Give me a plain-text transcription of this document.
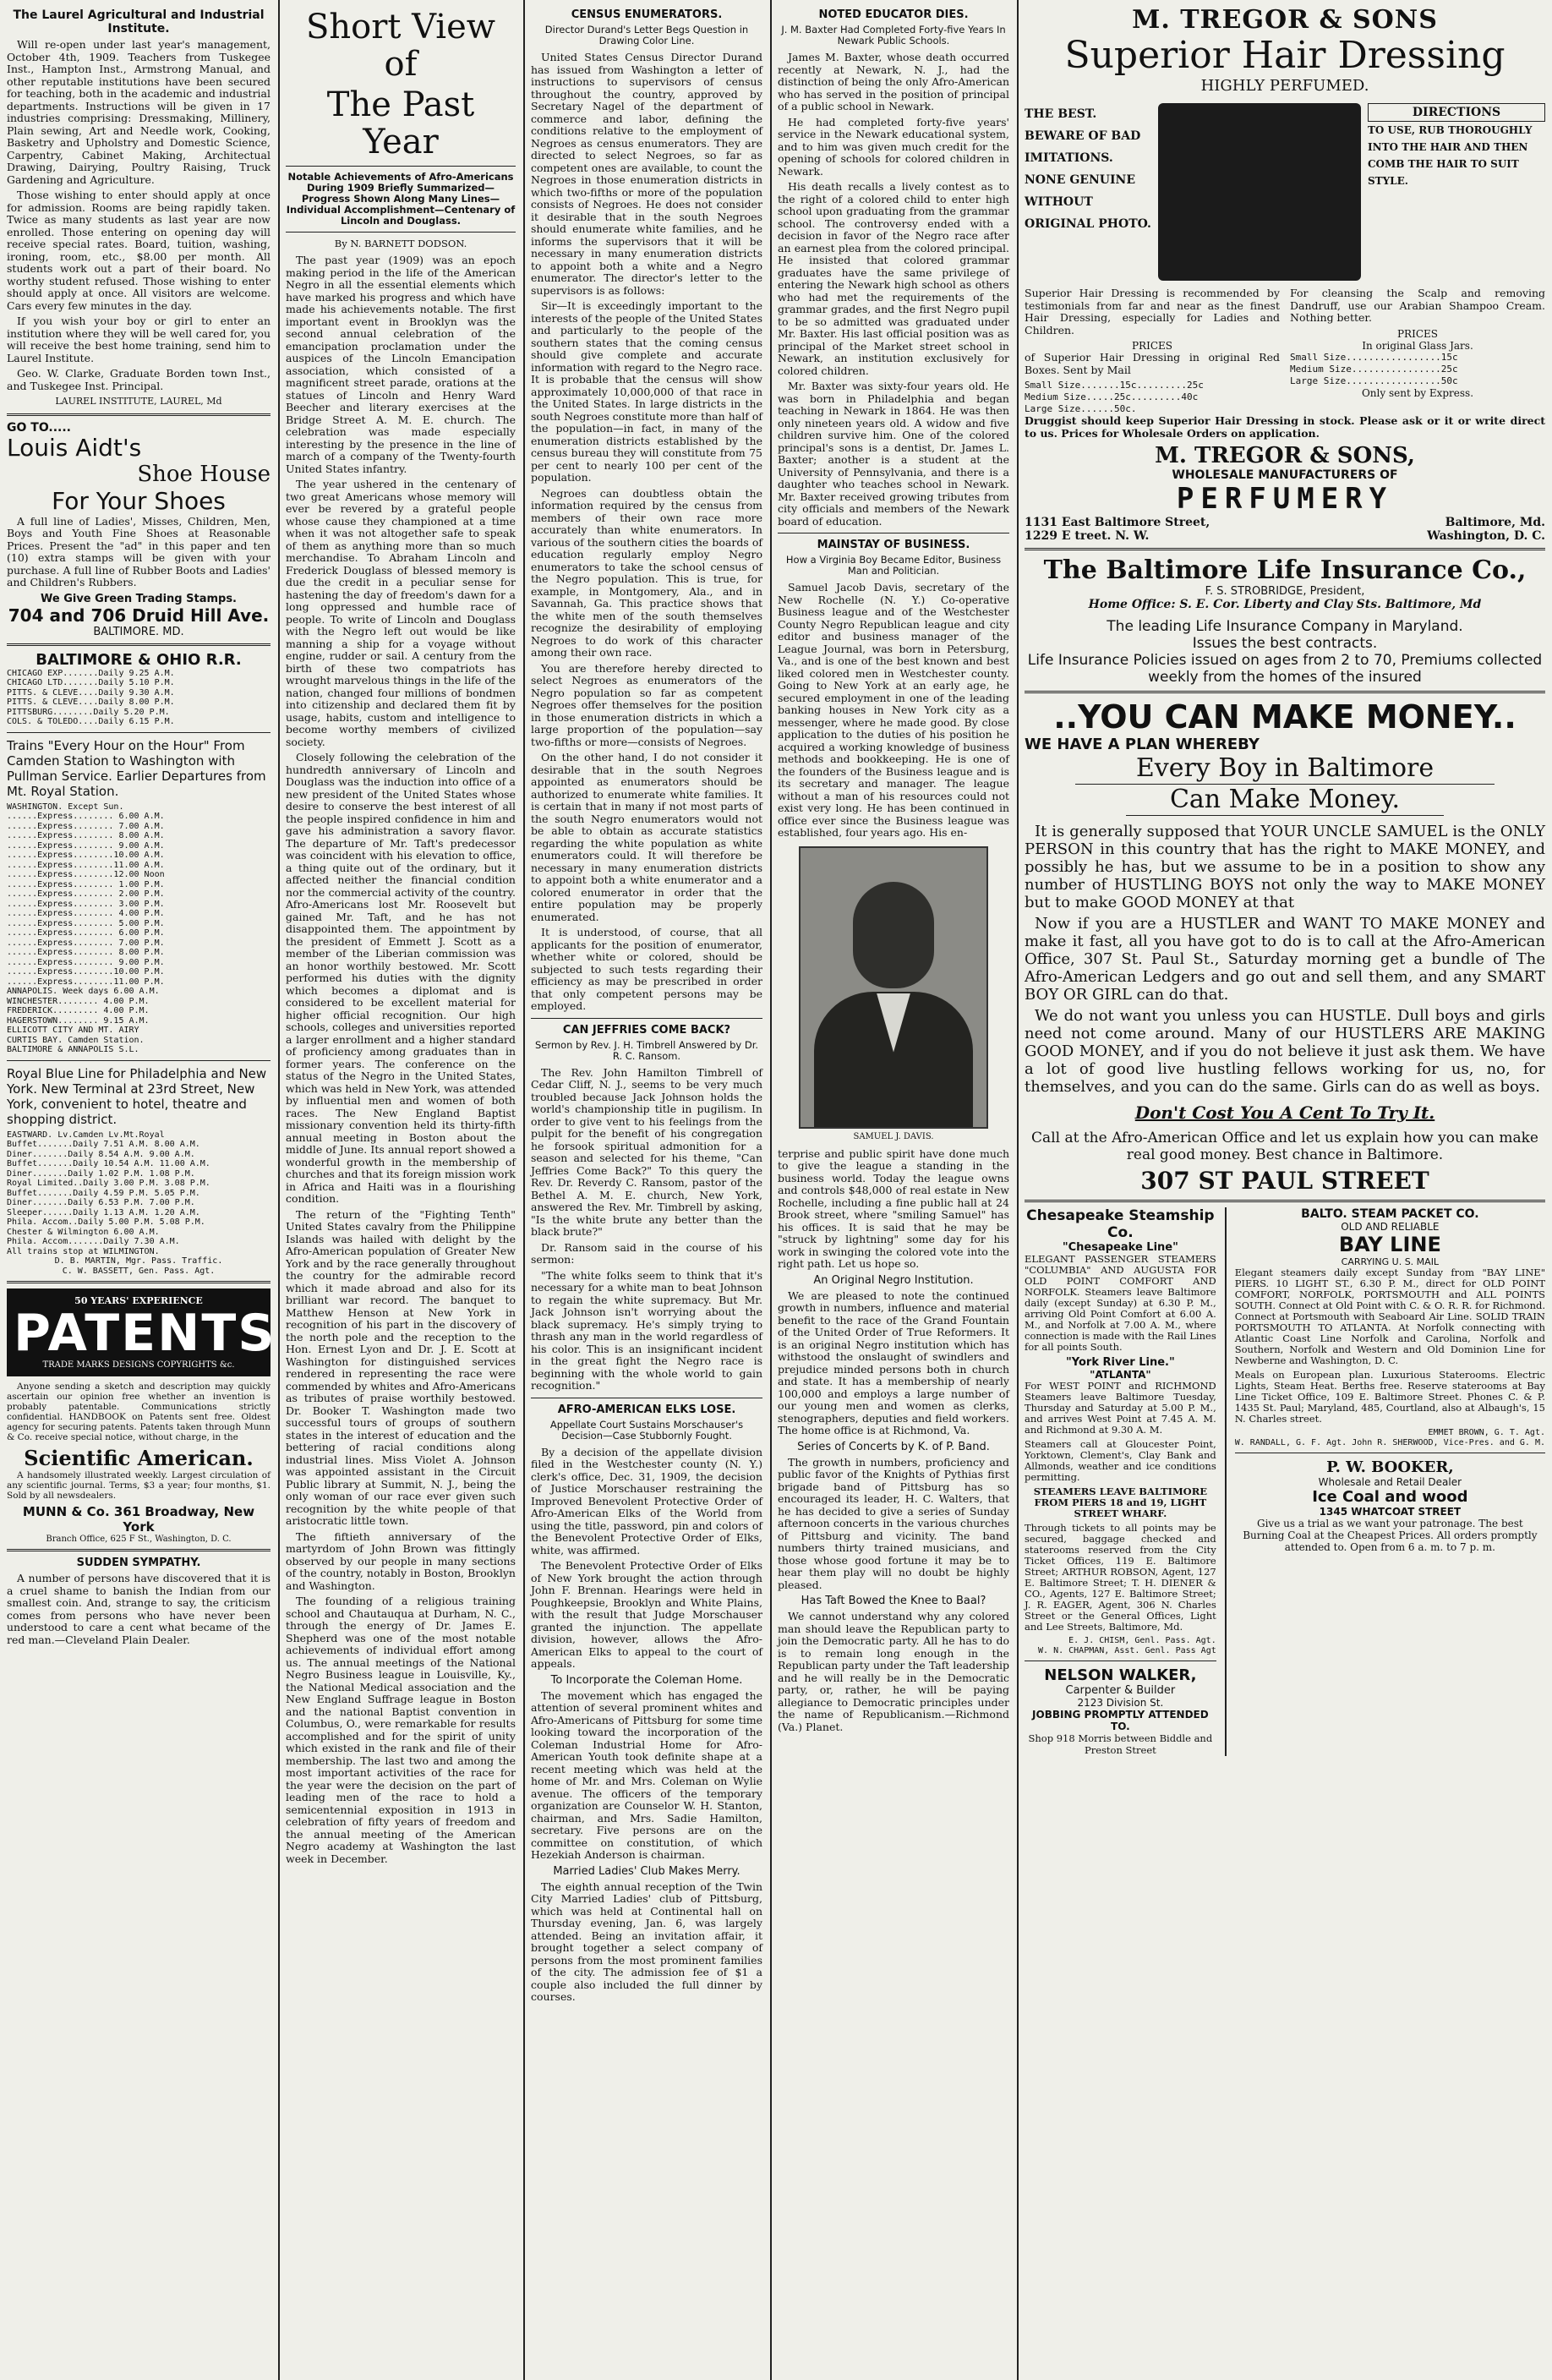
The Laurel Agricultural and Industrial Institute.

Will re-open under last year's management, October 4th, 1909. Teachers from Tuskegee Inst., Hampton Inst., Armstrong Manual, and other reputable institutions have been secured for teaching, both in the academic and industrial departments. Instructions will be given in 17 industries comprising: Dressmaking, Millinery, Plain sewing, Art and Needle work, Cooking, Basketry and Upholstry and Domestic Science, Carpentry, Cabinet Making, Architectual Drawing, Dairying, Poultry Raising, Truck Gardening and Agriculture.

Those wishing to enter should apply at once for admission. Rooms are being rapidly taken. Twice as many students as last year are now enrolled. Those entering on opening day will receive special rates. Board, tuition, washing, ironing, room, etc., $8.00 per month. All students work out a part of their board. No worthy student refused. Those wishing to enter should apply at once. All visitors are welcome. Cars every few minutes in the day.

If you wish your boy or girl to enter an institution where they will be well cared for, you will receive the best home training, send him to Laurel Institute.

Geo. W. Clarke, Graduate Borden town Inst., and Tuskegee Inst. Principal.

LAUREL INSTITUTE, LAUREL, Md

GO TO.....
Louis Aidt's
Shoe House
For Your Shoes

A full line of Ladies', Misses, Children, Men, Boys and Youth Fine Shoes at Reasonable Prices. Present the "ad" in this paper and ten (10) extra stamps will be given with your purchase. A full line of Rubber Boots and Ladies' and Children's Rubbers.

We Give Green Trading Stamps.
704 and 706 Druid Hill Ave.
BALTIMORE. MD.
BALTIMORE & OHIO R.R.
CHICAGO EXP.......Daily 9.25 A.M.
CHICAGO LTD.......Daily 5.10 P.M.
PITTS. & CLEVE....Daily 9.30 A.M.
PITTS. & CLEVE....Daily 8.00 P.M.
PITTSBURG........Daily 5.20 P.M.
COLS. & TOLEDO....Daily 6.15 P.M.

Trains "Every Hour on the Hour" From Camden Station to Washington with Pullman Service. Earlier Departures from Mt. Royal Station.

WASHINGTON. Except Sun.
......Express........ 6.00 A.M.
......Express........ 7.00 A.M.
......Express........ 8.00 A.M.
......Express........ 9.00 A.M.
......Express........10.00 A.M.
......Express........11.00 A.M.
......Express........12.00 Noon
......Express........ 1.00 P.M.
......Express........ 2.00 P.M.
......Express........ 3.00 P.M.
......Express........ 4.00 P.M.
......Express........ 5.00 P.M.
......Express........ 6.00 P.M.
......Express........ 7.00 P.M.
......Express........ 8.00 P.M.
......Express........ 9.00 P.M.
......Express........10.00 P.M.
......Express........11.00 P.M.
ANNAPOLIS. Week days 6.00 A.M.
WINCHESTER........ 4.00 P.M.
FREDERICK......... 4.00 P.M.
HAGERSTOWN........ 9.15 A.M.
ELLICOTT CITY AND MT. AIRY
CURTIS BAY. Camden Station.
BALTIMORE & ANNAPOLIS S.L.

Royal Blue Line for Philadelphia and New York. New Terminal at 23rd Street, New York, convenient to hotel, theatre and shopping district.

EASTWARD. Lv.Camden Lv.Mt.Royal
Buffet.......Daily 7.51 A.M. 8.00 A.M.
Diner.......Daily 8.54 A.M. 9.00 A.M.
Buffet.......Daily 10.54 A.M. 11.00 A.M.
Diner.......Daily 1.02 P.M. 1.08 P.M.
Royal Limited..Daily 3.00 P.M. 3.08 P.M.
Buffet.......Daily 4.59 P.M. 5.05 P.M.
Diner.......Daily 6.53 P.M. 7.00 P.M.
Sleeper......Daily 1.13 A.M. 1.20 A.M.
Phila. Accom..Daily 5.00 P.M. 5.08 P.M.
Chester & Wilmington 6.00 A.M.
Phila. Accom.......Daily 7.30 A.M.
All trains stop at WILMINGTON.
D. B. MARTIN, Mgr. Pass. Traffic.
C. W. BASSETT, Gen. Pass. Agt.
50 YEARS' EXPERIENCE
PATENTS
TRADE MARKS DESIGNS COPYRIGHTS &c.

Anyone sending a sketch and description may quickly ascertain our opinion free whether an invention is probably patentable. Communications strictly confidential. HANDBOOK on Patents sent free. Oldest agency for securing patents. Patents taken through Munn & Co. receive special notice, without charge, in the

Scientific American.

A handsomely illustrated weekly. Largest circulation of any scientific journal. Terms, $3 a year; four months, $1. Sold by all newsdealers.

MUNN & Co. 361 Broadway, New York
Branch Office, 625 F St., Washington, D. C.
SUDDEN SYMPATHY.

A number of persons have discovered that it is a cruel shame to banish the Indian from our smallest coin. And, strange to say, the criticism comes from persons who have never been understood to care a cent what became of the red man.—Cleveland Plain Dealer.

Short View of
The Past Year
Notable Achievements of Afro-Americans During 1909 Briefly Summarized—Progress Shown Along Many Lines—Individual Accomplishment—Centenary of Lincoln and Douglass.
By N. BARNETT DODSON.

The past year (1909) was an epoch making period in the life of the American Negro in all the essential elements which have marked his progress and which have made his achievements notable. The first important event in Brooklyn was the second annual celebration of the emancipation proclamation under the auspices of the Lincoln Emancipation association, which consisted of a magnificent street parade, orations at the statues of Lincoln and Henry Ward Beecher and literary exercises at the Bridge Street A. M. E. church. The celebration was made especially interesting by the presence in the line of march of a company of the Twenty-fourth United States infantry.

The year ushered in the centenary of two great Americans whose memory will ever be revered by a grateful people whose cause they championed at a time when it was not altogether safe to speak of them as anything more than so much merchandise. To Abraham Lincoln and Frederick Douglass of blessed memory is due the credit in a peculiar sense for hastening the day of freedom's dawn for a long oppressed and humble race of people. To write of Lincoln and Douglass with the Negro left out would be like manning a ship for a voyage without engine, rudder or sail. A century from the birth of these two compatriots has wrought marvelous things in the life of the nation, changed four millions of bondmen into citizenship and declared them fit by usage, habits, custom and intelligence to become worthy members of civilized society.

Closely following the celebration of the hundredth anniversary of Lincoln and Douglass was the induction into office of a new president of the United States whose desire to conserve the best interest of all the people inspired confidence in him and gave his administration a savory flavor. The departure of Mr. Taft's predecessor was coincident with his elevation to office, a thing quite out of the ordinary, but it affected neither the financial condition nor the commercial activity of the country. Afro-Americans lost Mr. Roosevelt but gained Mr. Taft, and he has not disappointed them. The appointment by the president of Emmett J. Scott as a member of the Liberian commission was an honor worthily bestowed. Mr. Scott performed his duties with the dignity which becomes a diplomat and is considered to be excellent material for higher official recognition. Our high schools, colleges and universities reported a larger enrollment and a higher standard of proficiency among graduates than in former years. The conference on the status of the Negro in the United States, which was held in New York, was attended by influential men and women of both races. The New England Baptist missionary convention held its thirty-fifth annual meeting in Boston about the middle of June. Its annual report showed a wonderful growth in the membership of churches and that its foreign mission work in Africa and Haiti was in a flourishing condition.

The return of the "Fighting Tenth" United States cavalry from the Philippine Islands was hailed with delight by the Afro-American population of Greater New York and by the race generally throughout the country for the admirable record which it made abroad and also for its brilliant war record. The banquet to Matthew Henson at New York in recognition of his part in the discovery of the north pole and the reception to the Hon. Ernest Lyon and Dr. J. E. Scott at Washington for distinguished services rendered in representing the race were commended by whites and Afro-Americans as tributes of praise worthily bestowed. Dr. Booker T. Washington made two successful tours of groups of southern states in the interest of education and the bettering of racial conditions along industrial lines. Miss Violet A. Johnson was appointed assistant in the Circuit Public library at Summit, N. J., being the only woman of our race ever given such recognition by the white people of that aristocratic little town.

The fiftieth anniversary of the martyrdom of John Brown was fittingly observed by our people in many sections of the country, notably in Boston, Brooklyn and Washington.

The founding of a religious training school and Chautauqua at Durham, N. C., through the energy of Dr. James E. Shepherd was one of the most notable achievements of individual effort among us. The annual meetings of the National Negro Business league in Louisville, Ky., the National Medical association and the New England Suffrage league in Boston and the national Baptist convention in Columbus, O., were remarkable for results accomplished and for the spirit of unity which existed in the rank and file of their membership. The last two and among the most important activities of the race for the year were the decision on the part of leading men of the race to hold a semicentennial exposition in 1913 in celebration of fifty years of freedom and the annual meeting of the American Negro academy at Washington the last week in December.

CENSUS ENUMERATORS.
Director Durand's Letter Begs Question in Drawing Color Line.

United States Census Director Durand has issued from Washington a letter of instructions to supervisors of census throughout the country, approved by Secretary Nagel of the department of commerce and labor, defining the conditions relative to the employment of Negroes as census enumerators. They are directed to select Negroes, so far as competent ones are available, to count the Negroes in those enumeration districts in which two-fifths or more of the population consists of Negroes. He does not consider it desirable that in the south Negroes should enumerate white families, and he informs the supervisors that it will be necessary in many enumeration districts to appoint both a white and a Negro enumerator. The director's letter to the supervisors is as follows:

Sir—It is exceedingly important to the interests of the people of the United States and particularly to the people of the southern states that the coming census should give complete and accurate information with regard to the Negro race. It is probable that the census will show approximately 10,000,000 of that race in the United States. In large districts in the south Negroes constitute more than half of the population—in fact, in many of the enumeration districts established by the census bureau they will constitute from 75 per cent to nearly 100 per cent of the population.

Negroes can doubtless obtain the information required by the census from members of their own race more accurately than white enumerators. In various of the southern cities the boards of education regularly employ Negro enumerators to take the school census of the Negro population. This is true, for example, in Montgomery, Ala., and in Savannah, Ga. This practice shows that the white men of the south themselves recognize the desirability of employing Negroes to do work of this character among their own race.

You are therefore hereby directed to select Negroes as enumerators of the Negro population so far as competent Negroes offer themselves for the position in those enumeration districts in which a large proportion of the population—say two-fifths or more—consists of Negroes.

On the other hand, I do not consider it desirable that in the south Negroes appointed as enumerators should be authorized to enumerate white families. It is certain that in many if not most parts of the south Negro enumerators would not be able to obtain as accurate statistics regarding the white population as white enumerators could. It will therefore be necessary in many enumeration districts to appoint both a white enumerator and a colored enumerator in order that the entire population may be properly enumerated.

It is understood, of course, that all applicants for the position of enumerator, whether white or colored, should be subjected to such tests regarding their efficiency as may be prescribed in order that only competent persons may be employed.

CAN JEFFRIES COME BACK?
Sermon by Rev. J. H. Timbrell Answered by Dr. R. C. Ransom.

The Rev. John Hamilton Timbrell of Cedar Cliff, N. J., seems to be very much troubled because Jack Johnson holds the world's championship title in pugilism. In order to give vent to his feelings from the pulpit for the benefit of his congregation he forsook spiritual admonition for a season and selected for his theme, "Can Jeffries Come Back?" To this query the Rev. Dr. Reverdy C. Ransom, pastor of the Bethel A. M. E. church, New York, answered the Rev. Mr. Timbrell by asking, "Is the white brute any better than the black brute?"

Dr. Ransom said in the course of his sermon:

"The white folks seem to think that it's necessary for a white man to beat Johnson to regain the white supremacy. But Mr. Jack Johnson isn't worrying about the black supremacy. He's simply trying to thrash any man in the world regardless of his color. This is an insignificant incident in the great fight the Negro race is beginning with the whole world to gain recognition."

AFRO-AMERICAN ELKS LOSE.
Appellate Court Sustains Morschauser's Decision—Case Stubbornly Fought.

By a decision of the appellate division filed in the Westchester county (N. Y.) clerk's office, Dec. 31, 1909, the decision of Justice Morschauser restraining the Improved Benevolent Protective Order of Afro-American Elks of the World from using the title, password, pin and colors of the Benevolent Protective Order of Elks, white, was affirmed.

The Benevolent Protective Order of Elks of New York brought the action through John F. Brennan. Hearings were held in Poughkeepsie, Brooklyn and White Plains, with the result that Judge Morschauser granted the injunction. The appellate division, however, allows the Afro-American Elks to appeal to the court of appeals.

To Incorporate the Coleman Home.

The movement which has engaged the attention of several prominent whites and Afro-Americans of Pittsburg for some time looking toward the incorporation of the Coleman Industrial Home for Afro-American Youth took definite shape at a recent meeting which was held at the home of Mr. and Mrs. Coleman on Wylie avenue. The officers of the temporary organization are Counselor W. H. Stanton, chairman, and Mrs. Sadie Hamilton, secretary. Five persons are on the committee on constitution, of which Hezekiah Anderson is chairman.

Married Ladies' Club Makes Merry.

The eighth annual reception of the Twin City Married Ladies' club of Pittsburg, which was held at Continental hall on Thursday evening, Jan. 6, was largely attended. Being an invitation affair, it brought together a select company of persons from the most prominent families of the city. The admission fee of $1 a couple also included the full dinner by courses.

NOTED EDUCATOR DIES.
J. M. Baxter Had Completed Forty-five Years In Newark Public Schools.

James M. Baxter, whose death occurred recently at Newark, N. J., had the distinction of being the only Afro-American who has served in the position of principal of a public school in Newark.

He had completed forty-five years' service in the Newark educational system, and to him was given much credit for the opening of schools for colored children in Newark.

His death recalls a lively contest as to the right of a colored child to enter high school upon graduating from the grammar school. The controversy ended with a decision in favor of the Negro race after an earnest plea from the colored principal. He insisted that colored grammar graduates have the same privilege of entering the Newark high school as others who had met the requirements of the grammar grades, and the first Negro pupil to be so admitted was graduated under Mr. Baxter. His last official position was as principal of the Market street school in Newark, an institution exclusively for colored children.

Mr. Baxter was sixty-four years old. He was born in Philadelphia and began teaching in Newark in 1864. He was then only nineteen years old. A widow and five children survive him. One of the colored principal's sons is a dentist, Dr. James L. Baxter; another is a student at the University of Pennsylvania, and there is a daughter who teaches school in Newark. Mr. Baxter received growing tributes from city officials and members of the Newark board of education.

MAINSTAY OF BUSINESS.
How a Virginia Boy Became Editor, Business Man and Politician.

Samuel Jacob Davis, secretary of the New Rochelle (N. Y.) Co-operative Business league and of the Westchester County Negro Republican league and city editor and business manager of the League Journal, was born in Petersburg, Va., and is one of the best known and best liked colored men in Westchester county. Going to New York at an early age, he secured employment in one of the leading banking houses in New York city as a messenger, where he made good. By close application to the duties of his position he acquired a working knowledge of business methods and bookkeeping. He is one of the founders of the Business league and is its secretary and manager. The league without a man of his resources could not exist very long. He has been continued in office ever since the Business league was established, four years ago. His en-

SAMUEL J. DAVIS.

terprise and public spirit have done much to give the league a standing in the business world. Today the league owns and controls $48,000 of real estate in New Rochelle, including a fine public hall at 24 Brook street, where "smiling Samuel" has his offices. It is said that he may be "struck by lightning" some day for his work in swinging the colored vote into the right path. Let us hope so.

An Original Negro Institution.

We are pleased to note the continued growth in numbers, influence and material benefit to the race of the Grand Fountain of the United Order of True Reformers. It is an original Negro institution which has withstood the onslaught of swindlers and prejudice minded persons both in church and state. It has a membership of nearly 100,000 and employs a large number of our young men and women as clerks, stenographers, deputies and field workers. The home office is at Richmond, Va.

Series of Concerts by K. of P. Band.

The growth in numbers, proficiency and public favor of the Knights of Pythias first brigade band of Pittsburg has so encouraged its leader, H. C. Walters, that he has decided to give a series of Sunday afternoon concerts in the various churches of Pittsburg and vicinity. The band numbers thirty trained musicians, and those whose good fortune it may be to hear them play will no doubt be highly pleased.

Has Taft Bowed the Knee to Baal?

We cannot understand why any colored man should leave the Republican party to join the Democratic party. All he has to do is to remain long enough in the Republican party under the Taft leadership and he will really be in the Democratic party, or, rather, he will be paying allegiance to Democratic principles under the name of Republicanism.—Richmond (Va.) Planet.

M. TREGOR & SONS
Superior Hair Dressing
HIGHLY PERFUMED.
THE BEST.
BEWARE OF BAD IMITATIONS.
NONE GENUINE WITHOUT ORIGINAL PHOTO.
DIRECTIONS
TO USE, RUB THOROUGHLY INTO THE HAIR AND THEN COMB THE HAIR TO SUIT STYLE.

Superior Hair Dressing is recommended by testimonials from far and near as the finest Hair Dressing, especially for Ladies and Children.

PRICES

of Superior Hair Dressing in original Red Boxes. Sent by Mail

Small Size.......15c.........25c
Medium Size.....25c.........40c
Large Size......50c.

For cleansing the Scalp and removing Dandruff, use our Arabian Shampoo Cream. Nothing better.

PRICES
In original Glass Jars.
Small Size.................15c
Medium Size................25c
Large Size.................50c
Only sent by Express.

Druggist should keep Superior Hair Dressing in stock. Please ask or it or write direct to us. Prices for Wholesale Orders on application.

M. TREGOR & SONS,
WHOLESALE MANUFACTURERS OF
PERFUMERY
1131 East Baltimore Street,	Baltimore, Md.
1229 E treet. N. W.	Washington, D. C.
The Baltimore Life Insurance Co.,
F. S. STROBRIDGE, President,
Home Office: S. E. Cor. Liberty and Clay Sts. Baltimore, Md
The leading Life Insurance Company in Maryland.
Issues the best contracts.
Life Insurance Policies issued on ages from 2 to 70, Premiums collected weekly from the homes of the insured
..YOU CAN MAKE MONEY..
WE HAVE A PLAN WHEREBY
Every Boy in Baltimore
Can Make Money.

It is generally supposed that YOUR UNCLE SAMUEL is the ONLY PERSON in this country that has the right to MAKE MONEY, and possibly he has, but we assume to be in a position to show any number of HUSTLING BOYS not only the way to MAKE MONEY but to make GOOD MONEY at that

Now if you are a HUSTLER and WANT TO MAKE MONEY and make it fast, all you have got to do is to call at the Afro-American Office, 307 St. Paul St., Saturday morning get a bundle of The Afro-American Ledgers and go out and sell them, and any SMART BOY OR GIRL can do that.

We do not want you unless you can HUSTLE. Dull boys and girls need not come around. Many of our HUSTLERS ARE MAKING GOOD MONEY, and if you do not believe it just ask them. We have a lot of good live hustling fellows working for us, no, for themselves, and you can do the same. Girls can do as well as boys.

Don't Cost You A Cent To Try It.

Call at the Afro-American Office and let us explain how you can make real good money. Best chance in Baltimore.

307 ST PAUL STREET
Chesapeake Steamship Co.
"Chesapeake Line"

ELEGANT PASSENGER STEAMERS "COLUMBIA" AND AUGUSTA FOR OLD POINT COMFORT AND NORFOLK. Steamers leave Baltimore daily (except Sunday) at 6.30 P. M., arriving Old Point Comfort at 6.00 A. M., and Norfolk at 7.00 A. M., where connection is made with the Rail Lines for all points South.

"York River Line."
"ATLANTA"

For WEST POINT and RICHMOND Steamers leave Baltimore Tuesday, Thursday and Saturday at 5.00 P. M., and arrives West Point at 7.45 A. M. and Richmond at 9.30 A. M.

Steamers call at Gloucester Point, Yorktown, Clement's, Clay Bank and Allmonds, weather and ice conditions permitting.

STEAMERS LEAVE BALTIMORE FROM PIERS 18 and 19, LIGHT STREET WHARF.

Through tickets to all points may be secured, baggage checked and staterooms reserved from the City Ticket Offices, 119 E. Baltimore Street; ARTHUR ROBSON, Agent, 127 E. Baltimore Street; T. H. DIENER & CO., Agents, 127 E. Baltimore Street; J. R. EAGER, Agent, 306 N. Charles Street or the General Offices, Light and Lee Streets, Baltimore, Md.

E. J. CHISM, Genl. Pass. Agt.
W. N. CHAPMAN, Asst. Genl. Pass Agt
NELSON WALKER,
Carpenter & Builder
2123 Division St.
JOBBING PROMPTLY ATTENDED TO.
Shop 918 Morris between Biddle and Preston Street
BALTO. STEAM PACKET CO.
OLD AND RELIABLE
BAY LINE
CARRYING U. S. MAIL

Elegant steamers daily except Sunday from "BAY LINE" PIERS. 10 LIGHT ST., 6.30 P. M., direct for OLD POINT COMFORT, NORFOLK, PORTSMOUTH and ALL POINTS SOUTH. Connect at Old Point with C. & O. R. R. for Richmond. Connect at Portsmouth with Seaboard Air Line. SOLID TRAIN PORTSMOUTH TO ATLANTA. At Norfolk connecting with Atlantic Coast Line Norfolk and Carolina, Norfolk and Southern, Norfolk and Western and Old Dominion Line for Newberne and Washington, D. C.

Meals on European plan. Luxurious Staterooms. Electric Lights, Steam Heat. Berths free. Reserve staterooms at Bay Line Ticket Office, 109 E. Baltimore Street. Phones C. & P. 1435 St. Paul; Maryland, 485, Courtland, also at Albaugh's, 15 N. Charles street.

EMMET BROWN, G. T. Agt.
W. RANDALL, G. F. Agt. John R. SHERWOOD, Vice-Pres. and G. M.
P. W. BOOKER,
Wholesale and Retail Dealer
Ice Coal and wood
1345 WHATCOAT STREET

Give us a trial as we want your patronage. The best Burning Coal at the Cheapest Prices. All orders promptly attended to. Open from 6 a. m. to 7 p. m.
